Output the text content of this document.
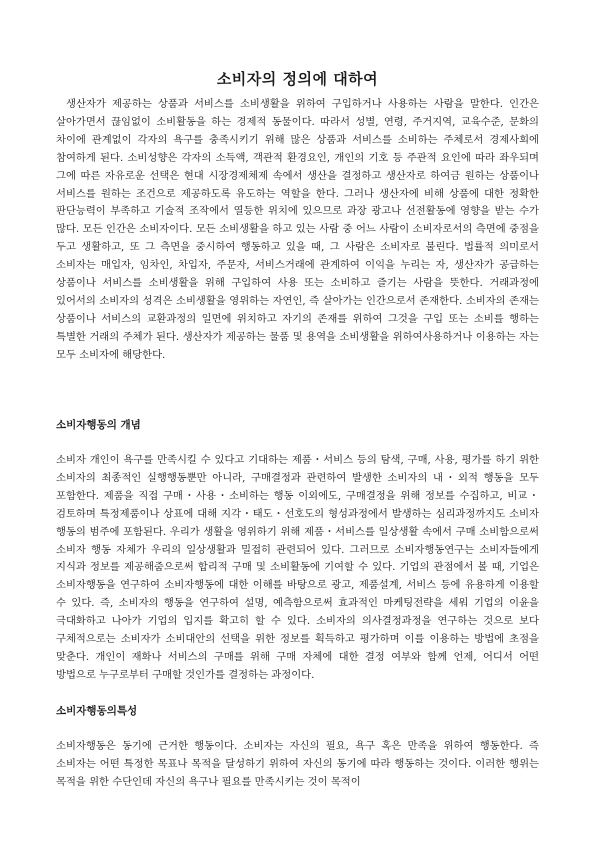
소비자의 정의에 대하여

생산자가 제공하는 상품과 서비스를 소비생활을 위하여 구입하거나 사용하는 사람을 말한다. 인간은 살아가면서 끊임없이 소비활동을 하는 경제적 동물이다. 따라서 성별, 연령, 주거지역, 교육수준, 문화의 차이에 관계없이 각자의 욕구를 충족시키기 위해 많은 상품과 서비스를 소비하는 주체로서 경제사회에 참여하게 된다. 소비성향은 각자의 소득액, 객관적 환경요인, 개인의 기호 등 주관적 요인에 따라 좌우되며 그에 따른 자유로운 선택은 현대 시장경제체제 속에서 생산을 결정하고 생산자로 하여금 원하는 상품이나 서비스를 원하는 조건으로 제공하도록 유도하는 역할을 한다. 그러나 생산자에 비해 상품에 대한 정확한 판단능력이 부족하고 기술적 조작에서 열등한 위치에 있으므로 과장 광고나 선전활동에 영향을 받는 수가 많다. 모든 인간은 소비자이다. 모든 소비생활을 하고 있는 사람 중 어느 사람이 소비자로서의 측면에 중점을 두고 생활하고, 또 그 측면을 중시하여 행동하고 있을 때, 그 사람은 소비자로 불린다. 법률적 의미로서 소비자는 매입자, 임차인, 차입자, 주문자, 서비스거래에 관계하여 이익을 누리는 자, 생산자가 공급하는 상품이나 서비스를 소비생활을 위해 구입하여 사용 또는 소비하고 즐기는 사람을 뜻한다. 거래과정에 있어서의 소비자의 성격은 소비생활을 영위하는 자연인, 즉 살아가는 인간으로서 존재한다. 소비자의 존재는 상품이나 서비스의 교환과정의 일면에 위치하고 자기의 존재를 위하여 그것을 구입 또는 소비를 행하는 특별한 거래의 주체가 된다. 생산자가 제공하는 물품 및 용역을 소비생활을 위하여사용하거나 이용하는 자는 모두 소비자에 해당한다.

소비자행동의 개념

소비자 개인이 욕구를 만족시킬 수 있다고 기대하는 제품・서비스 등의 탐색, 구매, 사용, 평가를 하기 위한 소비자의 최종적인 실행행동뿐만 아니라, 구매결정과 관련하여 발생한 소비자의 내・외적 행동을 모두 포함한다. 제품을 직접 구매・사용・소비하는 행동 이외에도, 구매결정을 위해 정보를 수집하고, 비교・검토하며 특정제품이나 상표에 대해 지각・태도・선호도의 형성과정에서 발생하는 심리과정까지도 소비자 행동의 범주에 포함된다. 우리가 생활을 영위하기 위해 제품・서비스를 일상생활 속에서 구매 소비함으로써 소비자 행동 자체가 우리의 일상생활과 밀접히 관련되어 있다. 그러므로 소비자행동연구는 소비자들에게 지식과 정보를 제공해줌으로써 합리적 구매 및 소비활동에 기여할 수 있다. 기업의 관점에서 볼 때, 기업은 소비자행동을 연구하여 소비자행동에 대한 이해를 바탕으로 광고, 제품설계, 서비스 등에 유용하게 이용할 수 있다. 즉, 소비자의 행동을 연구하여 설명, 예측함으로써 효과적인 마케팅전략을 세워 기업의 이윤을 극대화하고 나아가 기업의 입지를 확고히 할 수 있다. 소비자의 의사결정과정을 연구하는 것으로 보다 구체적으로는 소비자가 소비대안의 선택을 위한 정보를 획득하고 평가하며 이를 이용하는 방법에 초점을 맞춘다. 개인이 재화나 서비스의 구매를 위해 구매 자체에 대한 결정 여부와 함께 언제, 어디서 어떤 방법으로 누구로부터 구매할 것인가를 결정하는 과정이다.

소비자행동의특성

소비자행동은 동기에 근거한 행동이다. 소비자는 자신의 필요, 욕구 혹은 만족을 위하여 행동한다. 즉 소비자는 어떤 특정한 목표나 목적을 달성하기 위하여 자신의 동기에 따라 행동하는 것이다. 이러한 행위는 목적을 위한 수단인데 자신의 욕구나 필요를 만족시키는 것이 목적이
